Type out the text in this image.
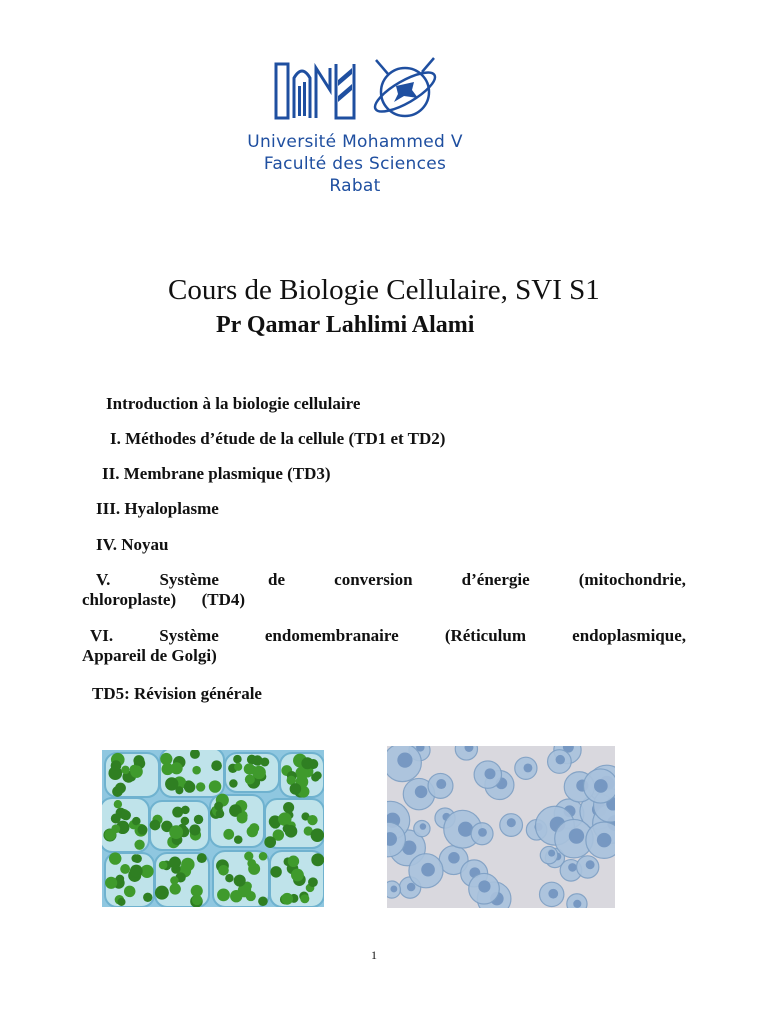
Université Mohammed V
Faculté des Sciences
Rabat
Cours de Biologie Cellulaire, SVI S1
Pr Qamar Lahlimi Alami
Introduction à la biologie cellulaire
I. Méthodes d’étude de la cellule (TD1 et TD2)
II. Membrane plasmique (TD3)
III. Hyaloplasme
IV. Noyau
V.	Système	de	conversion	d’énergie	(mitochondrie,
chloroplaste)      (TD4)
VI.	Système	endomembranaire	(Réticulum	endoplasmique,
Appareil de Golgi)
TD5: Révision générale
1
